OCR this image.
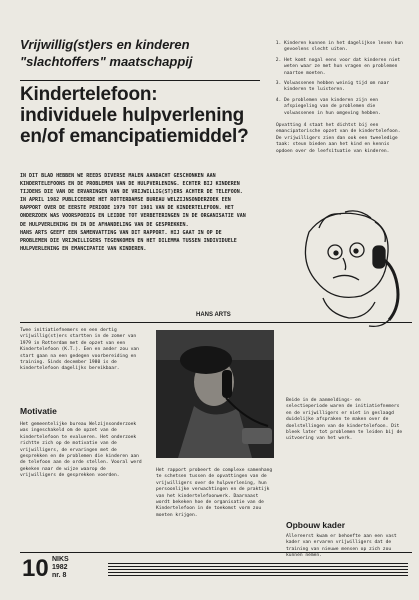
Vrijwillig(st)ers en kinderen
"slachtoffers" maatschappij
Kindertelefoon:
individuele hulpverlening
en/of emancipatiemiddel?

IN DIT BLAD HEBBEN WE REEDS DIVERSE MALEN AANDACHT GESCHONKEN AAN KINDERTELEFOONS EN DE PROBLEMEN VAN DE HULPVERLENING. ECHTER BIJ KINDEREN TIJDENS DIE VAN DE ERVARINGEN VAN DE VRIJWILLIG(ST)ERS ACHTER DE TELEFOON.

IN APRIL 1982 PUBLICEERDE HET ROTTERDAMSE BUREAU WELZIJNSONDERZOEK EEN RAPPORT OVER DE EERSTE PERIODE 1979 TOT 1981 VAN DE KINDERTELEFOON. HET ONDERZOEK WAS VOORSPOEDIG EN LEIDDE TOT VERBETERINGEN IN DE ORGANISATIE VAN DE HULPVERLENING EN IN DE AFHANDELING VAN DE GESPREKKEN.

HANS ARTS GEEFT EEN SAMENVATTING VAN DIT RAPPORT. HIJ GAAT IN OP DE PROBLEMEN DIE VRIJWILLIGERS TEGENKOMEN EN HET DILEMMA TUSSEN INDIVIDUELE HULPVERLENING EN EMANCIPATIE VAN KINDEREN.

HANS ARTS

Twee initiatiefnemers en een dertig vrijwillig(st)ers startten in de zomer van 1979 in Rotterdam met de opzet van een Kindertelefoon (K.T.). Een en ander zou van start gaan na een gedegen voorbereiding en training. Sinds december 1980 is de kindertelefoon dagelijks bereikbaar.

Motivatie

Het gemeentelijke bureau Welzijnsonderzoek was ingeschakeld om de opzet van de kindertelefoon te evalueren. Het onderzoek richtte zich op de motivatie van de vrijwilligers, de ervaringen met de gesprekken en de problemen die kinderen aan de telefoon aan de orde stellen. Vooral werd gekeken naar de wijze waarop de vrijwilligers de gesprekken voerden.

Het rapport probeert de complexe samenhang te schetsen tussen de opvattingen van de vrijwilligers over de hulpverlening, hun persoonlijke verwachtingen en de praktijk van het kindertelefoonwerk. Daarnaast wordt bekeken hoe de organisatie van de Kindertelefoon in de toekomst vorm zou moeten krijgen.

1. Kinderen kunnen in het dagelijkse leven hun gevoelens slecht uiten.
2. Het komt nogal eens voor dat kinderen niet weten waar ze met hun vragen en problemen naartoe moeten.
3. Volwassenen hebben weinig tijd om naar kinderen te luisteren.
4. De problemen van kinderen zijn een afspiegeling van de problemen die volwassenen in hun omgeving hebben.

Opvatting 4 staat het dichtst bij een emancipatorische opzet van de kindertelefoon. De vrijwilligers zien dan ook een tweeledige taak: steun bieden aan het kind en kennis opdoen over de leefsituatie van kinderen.

Beide in de aanmeldings- en selectieperiode waren de initiatiefnemers en de vrijwilligers er niet in geslaagd duidelijke afspraken te maken over de doelstellingen van de kindertelefoon. Dit bleek later tot problemen te leiden bij de uitvoering van het werk.

Opbouw kader

Allereerst kwam er behoefte aan een vast kader van ervaren vrijwilligers dat de training van nieuwe mensen op zich zou kunnen nemen.

10 NIKS
1982
nr. 8
